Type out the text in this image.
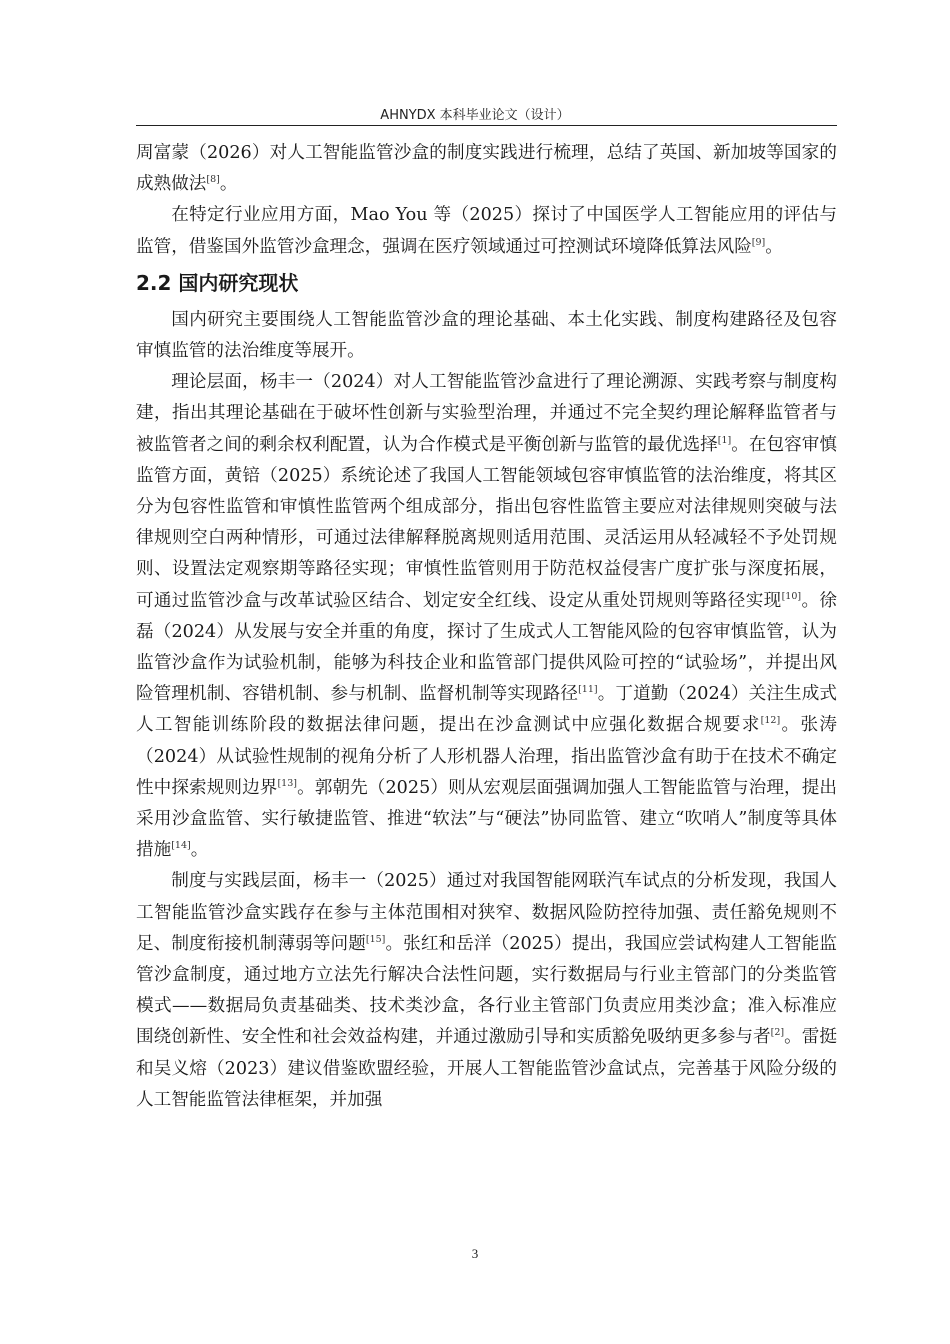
AHNYDX 本科毕业论文（设计）

周富蒙（2026）对人工智能监管沙盒的制度实践进行梳理，总结了英国、新加坡等国家的成熟做法[8]。

在特定行业应用方面，Mao You 等（2025）探讨了中国医学人工智能应用的评估与监管，借鉴国外监管沙盒理念，强调在医疗领域通过可控测试环境降低算法风险[9]。

2.2 国内研究现状

国内研究主要围绕人工智能监管沙盒的理论基础、本土化实践、制度构建路径及包容审慎监管的法治维度等展开。

理论层面，杨丰一（2024）对人工智能监管沙盒进行了理论溯源、实践考察与制度构建，指出其理论基础在于破坏性创新与实验型治理，并通过不完全契约理论解释监管者与被监管者之间的剩余权利配置，认为合作模式是平衡创新与监管的最优选择[1]。在包容审慎监管方面，黄锫（2025）系统论述了我国人工智能领域包容审慎监管的法治维度，将其区分为包容性监管和审慎性监管两个组成部分，指出包容性监管主要应对法律规则突破与法律规则空白两种情形，可通过法律解释脱离规则适用范围、灵活运用从轻减轻不予处罚规则、设置法定观察期等路径实现；审慎性监管则用于防范权益侵害广度扩张与深度拓展，可通过监管沙盒与改革试验区结合、划定安全红线、设定从重处罚规则等路径实现[10]。徐磊（2024）从发展与安全并重的角度，探讨了生成式人工智能风险的包容审慎监管，认为监管沙盒作为试验机制，能够为科技企业和监管部门提供风险可控的“试验场”，并提出风险管理机制、容错机制、参与机制、监督机制等实现路径[11]。丁道勤（2024）关注生成式人工智能训练阶段的数据法律问题，提出在沙盒测试中应强化数据合规要求[12]。张涛（2024）从试验性规制的视角分析了人形机器人治理，指出监管沙盒有助于在技术不确定性中探索规则边界[13]。郭朝先（2025）则从宏观层面强调加强人工智能监管与治理，提出采用沙盒监管、实行敏捷监管、推进“软法”与“硬法”协同监管、建立“吹哨人”制度等具体措施[14]。

制度与实践层面，杨丰一（2025）通过对我国智能网联汽车试点的分析发现，我国人工智能监管沙盒实践存在参与主体范围相对狭窄、数据风险防控待加强、责任豁免规则不足、制度衔接机制薄弱等问题[15]。张红和岳洋（2025）提出，我国应尝试构建人工智能监管沙盒制度，通过地方立法先行解决合法性问题，实行数据局与行业主管部门的分类监管模式——数据局负责基础类、技术类沙盒，各行业主管部门负责应用类沙盒；准入标准应围绕创新性、安全性和社会效益构建，并通过激励引导和实质豁免吸纳更多参与者[2]。雷挺和吴义熔（2023）建议借鉴欧盟经验，开展人工智能监管沙盒试点，完善基于风险分级的人工智能监管法律框架，并加强

3
